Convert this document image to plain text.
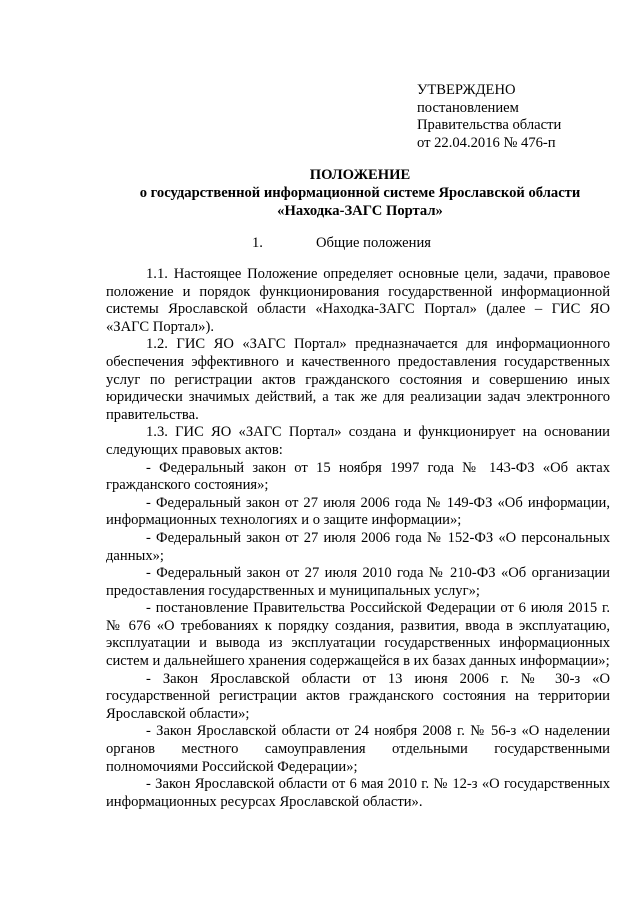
УТВЕРЖДЕНО
постановлением
Правительства области
от 22.04.2016 № 476-п
ПОЛОЖЕНИЕ
о государственной информационной системе Ярославской области
«Находка-ЗАГС Портал»
1.	Общие положения

1.1. Настоящее Положение определяет основные цели, задачи, правовое положение и порядок функционирования государственной информационной системы Ярославской области «Находка-ЗАГС Портал» (далее – ГИС ЯО «ЗАГС Портал»).

1.2. ГИС ЯО «ЗАГС Портал» предназначается для информационного обеспечения эффективного и качественного предоставления государственных услуг по регистрации актов гражданского состояния и совершению иных юридически значимых действий, а так же для реализации задач электронного правительства.

1.3. ГИС ЯО «ЗАГС Портал» создана и функционирует на основании следующих правовых актов:

- Федеральный закон от 15 ноября 1997 года № 143-ФЗ «Об актах гражданского состояния»;

- Федеральный закон от 27 июля 2006 года № 149-ФЗ «Об информации, информационных технологиях и о защите информации»;

- Федеральный закон от 27 июля 2006 года № 152-ФЗ «О персональных данных»;

- Федеральный закон от 27 июля 2010 года № 210-ФЗ «Об организации предоставления государственных и муниципальных услуг»;

- постановление Правительства Российской Федерации от 6 июля 2015 г. № 676 «О требованиях к порядку создания, развития, ввода в эксплуатацию, эксплуатации и вывода из эксплуатации государственных информационных систем и дальнейшего хранения содержащейся в их базах данных информации»;

- Закон Ярославской области от 13 июня 2006 г. № 30-з «О государственной регистрации актов гражданского состояния на территории Ярославской области»;

- Закон Ярославской области от 24 ноября 2008 г. № 56-з «О наделении органов местного самоуправления отдельными государственными полномочиями Российской Федерации»;

- Закон Ярославской области от 6 мая 2010 г. № 12-з «О государственных информационных ресурсах Ярославской области».
